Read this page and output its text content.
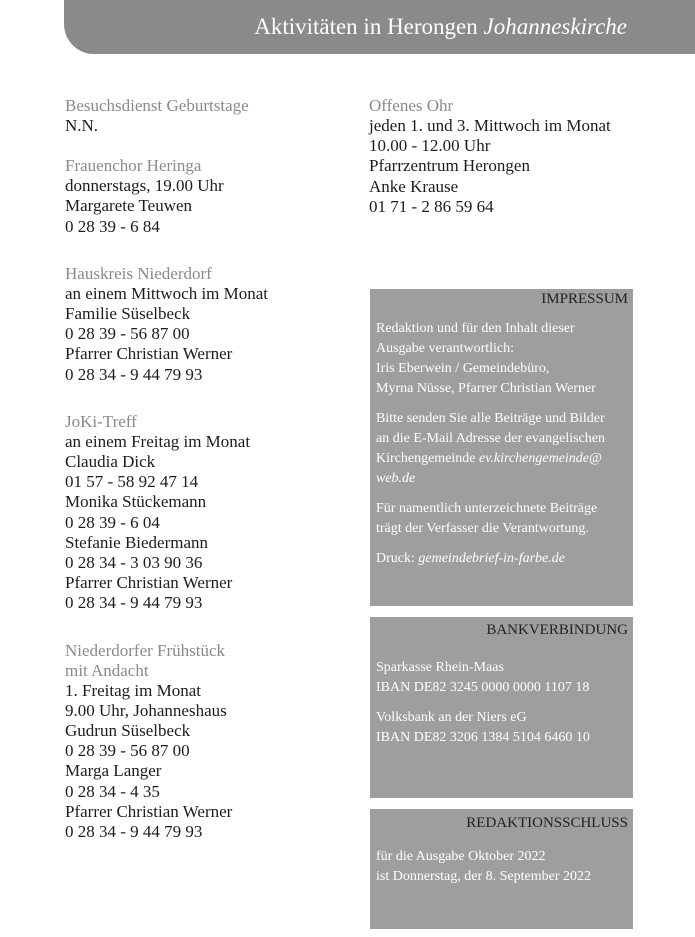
Aktivitäten in Herongen Johanneskirche
Besuchsdienst Geburtstage
N.N.
Frauenchor Heringa
donnerstags, 19.00 Uhr
Margarete Teuwen
0 28 39 - 6 84
Hauskreis Niederdorf
an einem Mittwoch im Monat
Familie Süselbeck
0 28 39 - 56 87 00
Pfarrer Christian Werner
0 28 34 - 9 44 79 93
JoKi-Treff
an einem Freitag im Monat
Claudia Dick
01 57 - 58 92 47 14
Monika Stückemann
0 28 39 - 6 04
Stefanie Biedermann
0 28 34 - 3 03 90 36
Pfarrer Christian Werner
0 28 34 - 9 44 79 93
Niederdorfer Frühstück
mit Andacht
1. Freitag im Monat
9.00 Uhr, Johanneshaus
Gudrun Süselbeck
0 28 39 - 56 87 00
Marga Langer
0 28 34 - 4 35
Pfarrer Christian Werner
0 28 34 - 9 44 79 93
Offenes Ohr
jeden 1. und 3. Mittwoch im Monat
10.00 - 12.00 Uhr
Pfarrzentrum Herongen
Anke Krause
01 71 - 2 86 59 64
IMPRESSUM
Redaktion und für den Inhalt dieser
Ausgabe verantwortlich:
Iris Eberwein / Gemeindebüro,
Myrna Nüsse, Pfarrer Christian Werner
Bitte senden Sie alle Beiträge und Bilder
an die E-Mail Adresse der evangelischen
Kirchengemeinde ev.kirchengemeinde@
web.de
Für namentlich unterzeichnete Beiträge
trägt der Verfasser die Verantwortung.
Druck: gemeindebrief-in-farbe.de
BANKVERBINDUNG
Sparkasse Rhein-Maas
IBAN DE82 3245 0000 0000 1107 18
Volksbank an der Niers eG
IBAN DE82 3206 1384 5104 6460 10
REDAKTIONSSCHLUSS
für die Ausgabe Oktober 2022
ist Donnerstag, der 8. September 2022
